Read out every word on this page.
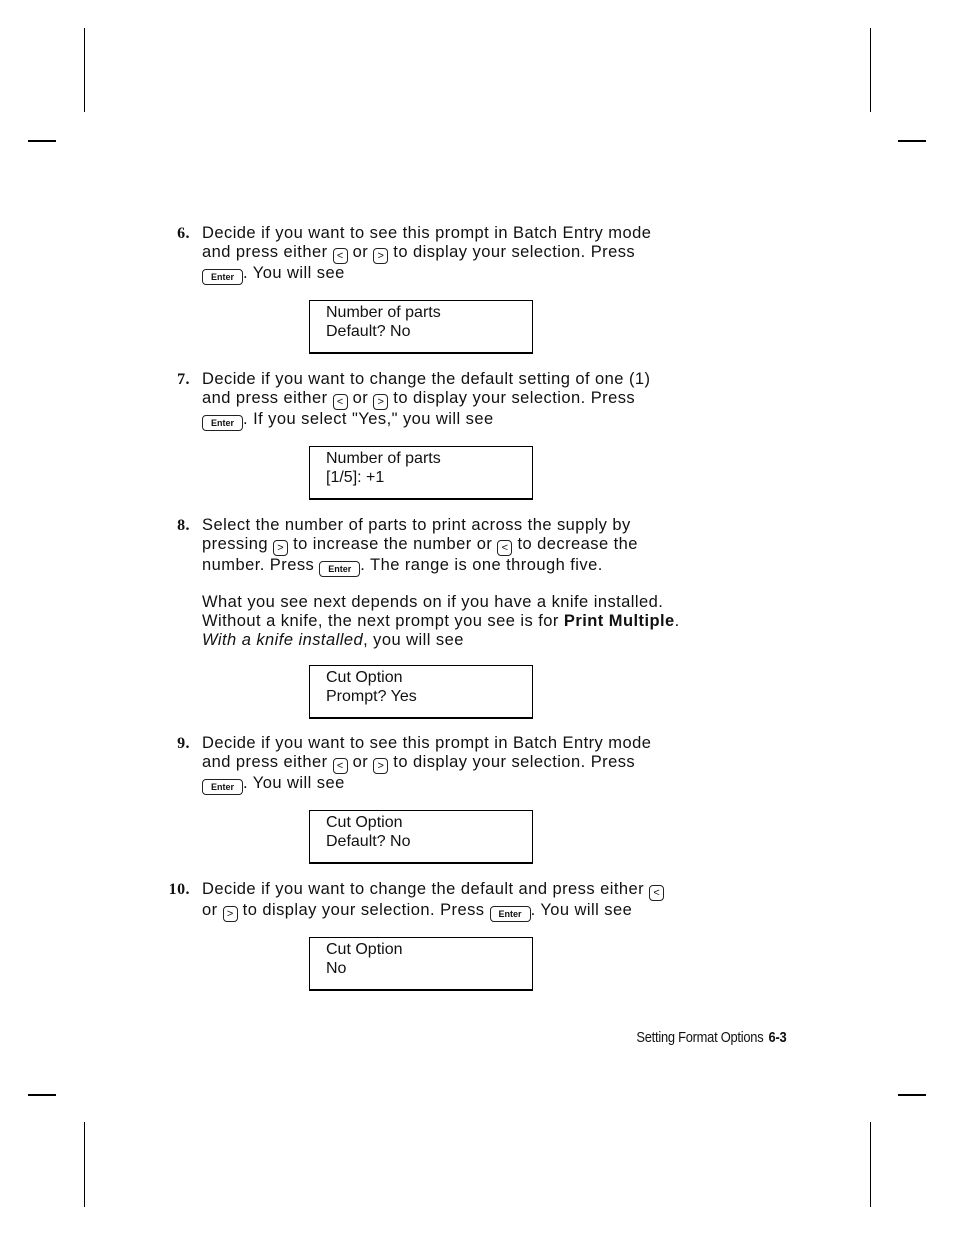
6. Decide if you want to see this prompt in Batch Entry mode
and press either < or > to display your selection. Press
Enter . You will see
Number of parts
Default? No
7. Decide if you want to change the default setting of one (1)
and press either < or > to display your selection. Press
Enter . If you select "Yes," you will see
Number of parts
[1/5]: +1
8. Select the number of parts to print across the supply by
pressing > to increase the number or < to decrease the
number. Press Enter . The range is one through five.
What you see next depends on if you have a knife installed.
Without a knife, the next prompt you see is for Print Multiple.
With a knife installed, you will see
Cut Option
Prompt? Yes
9. Decide if you want to see this prompt in Batch Entry mode
and press either < or > to display your selection. Press
Enter . You will see
Cut Option
Default? No
10. Decide if you want to change the default and press either <
or > to display your selection. Press Enter . You will see
Cut Option
No
Setting Format Options 6-3
